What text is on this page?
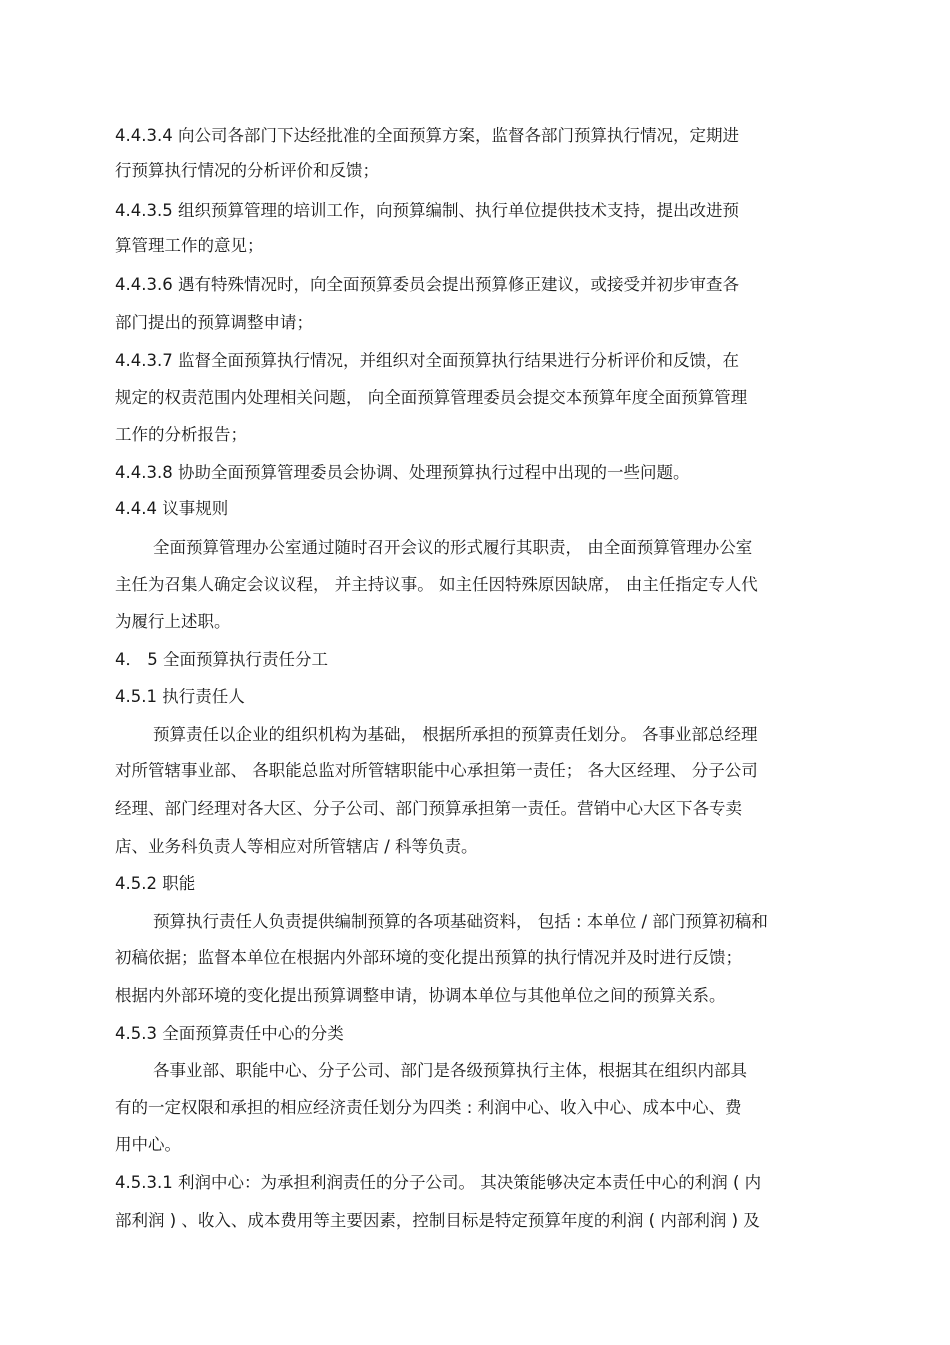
4.4.3.4 向公司各部门下达经批准的全面预算方案，监督各部门预算执行情况，定期进
行预算执行情况的分析评价和反馈；
4.4.3.5 组织预算管理的培训工作，向预算编制、执行单位提供技术支持，提出改进预
算管理工作的意见；
4.4.3.6 遇有特殊情况时，向全面预算委员会提出预算修正建议，或接受并初步审查各
部门提出的预算调整申请；
4.4.3.7 监督全面预算执行情况，并组织对全面预算执行结果进行分析评价和反馈，在
规定的权责范围内处理相关问题， 向全面预算管理委员会提交本预算年度全面预算管理
工作的分析报告；
4.4.3.8 协助全面预算管理委员会协调、处理预算执行过程中出现的一些问题。
4.4.4 议事规则
全面预算管理办公室通过随时召开会议的形式履行其职责， 由全面预算管理办公室
主任为召集人确定会议议程， 并主持议事。 如主任因特殊原因缺席， 由主任指定专人代
为履行上述职。
4． 5 全面预算执行责任分工
4.5.1 执行责任人
预算责任以企业的组织机构为基础， 根据所承担的预算责任划分。 各事业部总经理
对所管辖事业部、 各职能总监对所管辖职能中心承担第一责任； 各大区经理、 分子公司
经理、部门经理对各大区、分子公司、部门预算承担第一责任。营销中心大区下各专卖
店、业务科负责人等相应对所管辖店 / 科等负责。
4.5.2 职能
预算执行责任人负责提供编制预算的各项基础资料， 包括 : 本单位 / 部门预算初稿和
初稿依据；监督本单位在根据内外部环境的变化提出预算的执行情况并及时进行反馈；
根据内外部环境的变化提出预算调整申请，协调本单位与其他单位之间的预算关系。
4.5.3 全面预算责任中心的分类
各事业部、职能中心、分子公司、部门是各级预算执行主体，根据其在组织内部具
有的一定权限和承担的相应经济责任划分为四类 : 利润中心、收入中心、成本中心、费
用中心。
4.5.3.1 利润中心：为承担利润责任的分子公司。 其决策能够决定本责任中心的利润 ( 内
部利润 ) 、收入、成本费用等主要因素，控制目标是特定预算年度的利润 ( 内部利润 ) 及
